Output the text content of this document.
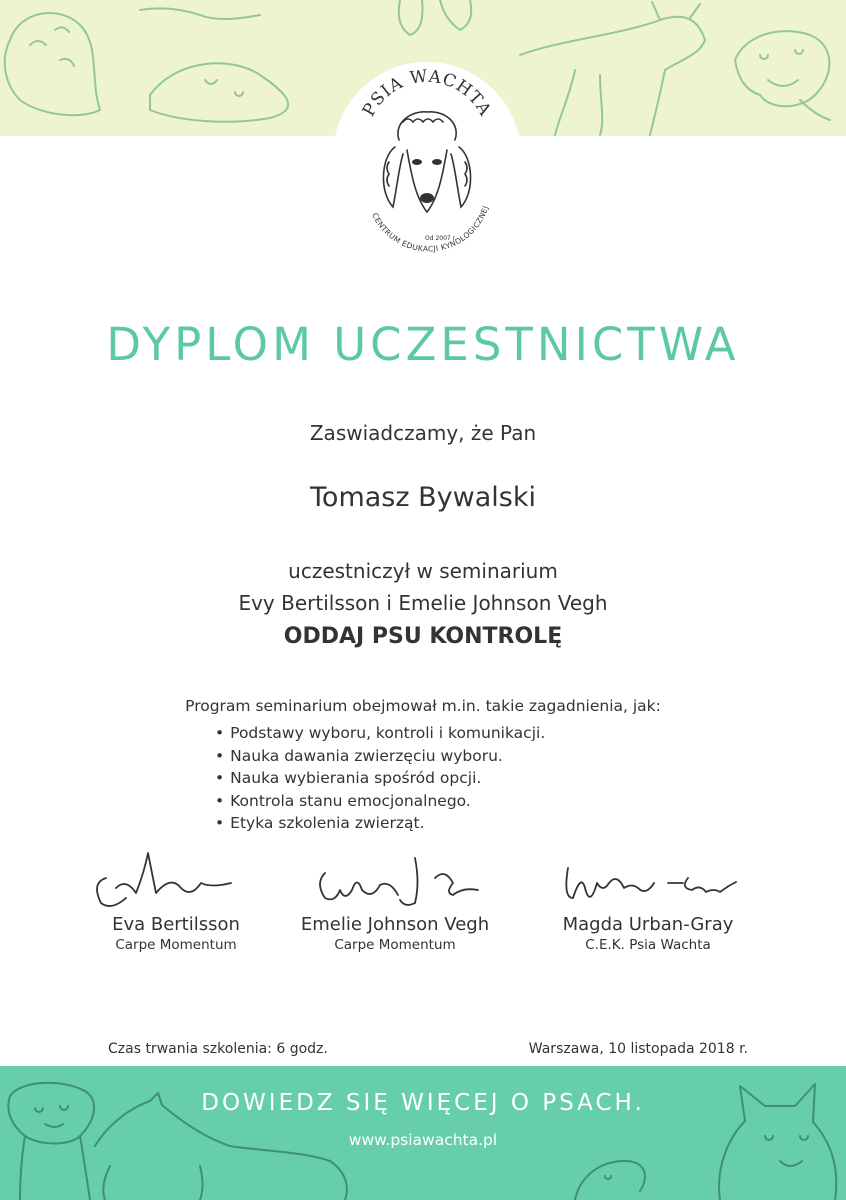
PSIA WACHTA
CENTRUM EDUKACJI KYNOLOGICZNEJ
Od 2007 r.
DYPLOM UCZESTNICTWA
Zaswiadczamy, że Pan
Tomasz Bywalski
uczestniczył w seminarium
Evy Bertilsson i Emelie Johnson Vegh
ODDAJ PSU KONTROLĘ
Program seminarium obejmował m.in. takie zagadnienia, jak:
• Podstawy wyboru, kontroli i komunikacji.
• Nauka dawania zwierzęciu wyboru.
• Nauka wybierania spośród opcji.
• Kontrola stanu emocjonalnego.
• Etyka szkolenia zwierząt.
Eva Bertilsson
Carpe Momentum
Emelie Johnson Vegh
Carpe Momentum
Magda Urban-Gray
C.E.K. Psia Wachta
Czas trwania szkolenia: 6 godz.	Warszawa, 10 listopada 2018 r.
DOWIEDZ SIĘ WIĘCEJ O PSACH.
www.psiawachta.pl
